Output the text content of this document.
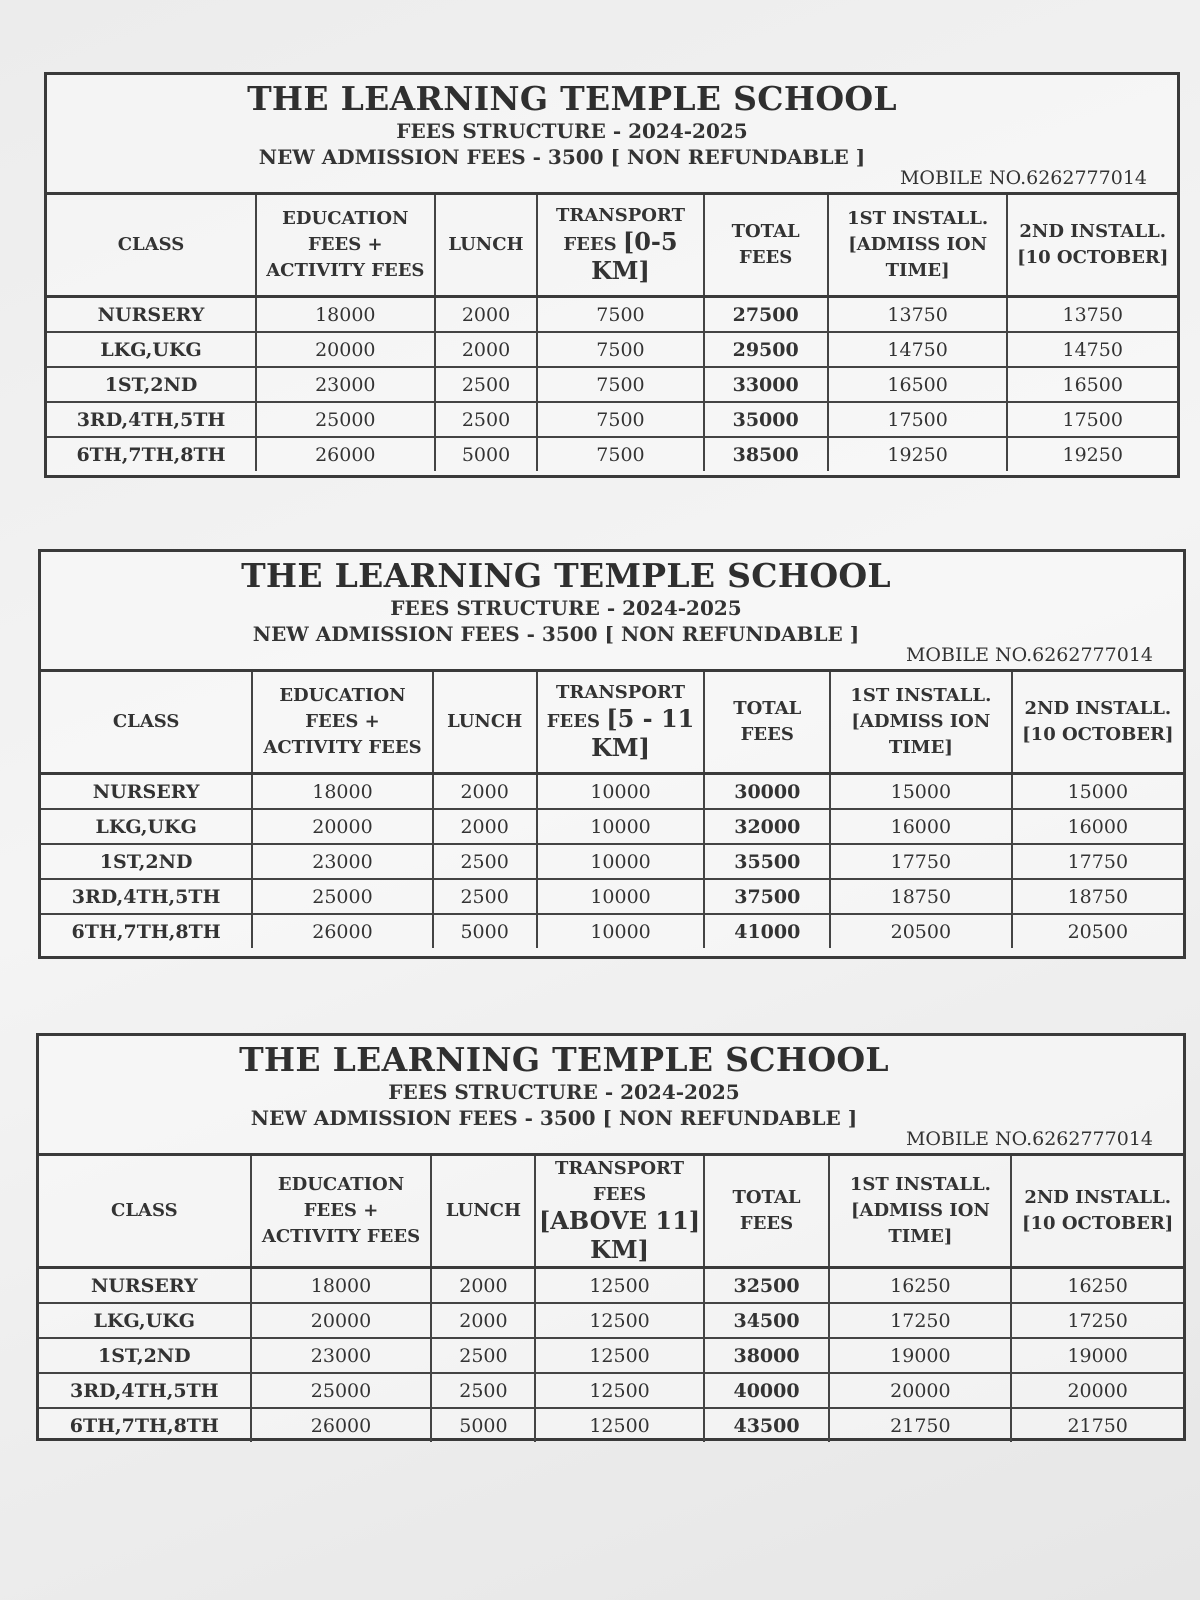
THE LEARNING TEMPLE SCHOOL
FEES STRUCTURE - 2024-2025
NEW ADMISSION FEES - 3500 [ NON REFUNDABLE ]
MOBILE NO.6262777014
CLASS	EDUCATION FEES + ACTIVITY FEES	LUNCH	TRANSPORT FEES [0-5 KM]	TOTAL FEES	1ST INSTALL.[ADMISS ION TIME]	2ND INSTALL.[10 OCTOBER]
NURSERY	18000	2000	7500	27500	13750	13750
LKG,UKG	20000	2000	7500	29500	14750	14750
1ST,2ND	23000	2500	7500	33000	16500	16500
3RD,4TH,5TH	25000	2500	7500	35000	17500	17500
6TH,7TH,8TH	26000	5000	7500	38500	19250	19250
THE LEARNING TEMPLE SCHOOL
FEES STRUCTURE - 2024-2025
NEW ADMISSION FEES - 3500 [ NON REFUNDABLE ]
MOBILE NO.6262777014
CLASS	EDUCATION FEES + ACTIVITY FEES	LUNCH	TRANSPORT FEES [5 - 11 KM]	TOTAL FEES	1ST INSTALL.[ADMISS ION TIME]	2ND INSTALL.[10 OCTOBER]
NURSERY	18000	2000	10000	30000	15000	15000
LKG,UKG	20000	2000	10000	32000	16000	16000
1ST,2ND	23000	2500	10000	35500	17750	17750
3RD,4TH,5TH	25000	2500	10000	37500	18750	18750
6TH,7TH,8TH	26000	5000	10000	41000	20500	20500
THE LEARNING TEMPLE SCHOOL
FEES STRUCTURE - 2024-2025
NEW ADMISSION FEES - 3500 [ NON REFUNDABLE ]
MOBILE NO.6262777014
CLASS	EDUCATION FEES + ACTIVITY FEES	LUNCH	TRANSPORT FEES [ABOVE 11] KM]	TOTAL FEES	1ST INSTALL.[ADMISS ION TIME]	2ND INSTALL.[10 OCTOBER]
NURSERY	18000	2000	12500	32500	16250	16250
LKG,UKG	20000	2000	12500	34500	17250	17250
1ST,2ND	23000	2500	12500	38000	19000	19000
3RD,4TH,5TH	25000	2500	12500	40000	20000	20000
6TH,7TH,8TH	26000	5000	12500	43500	21750	21750
